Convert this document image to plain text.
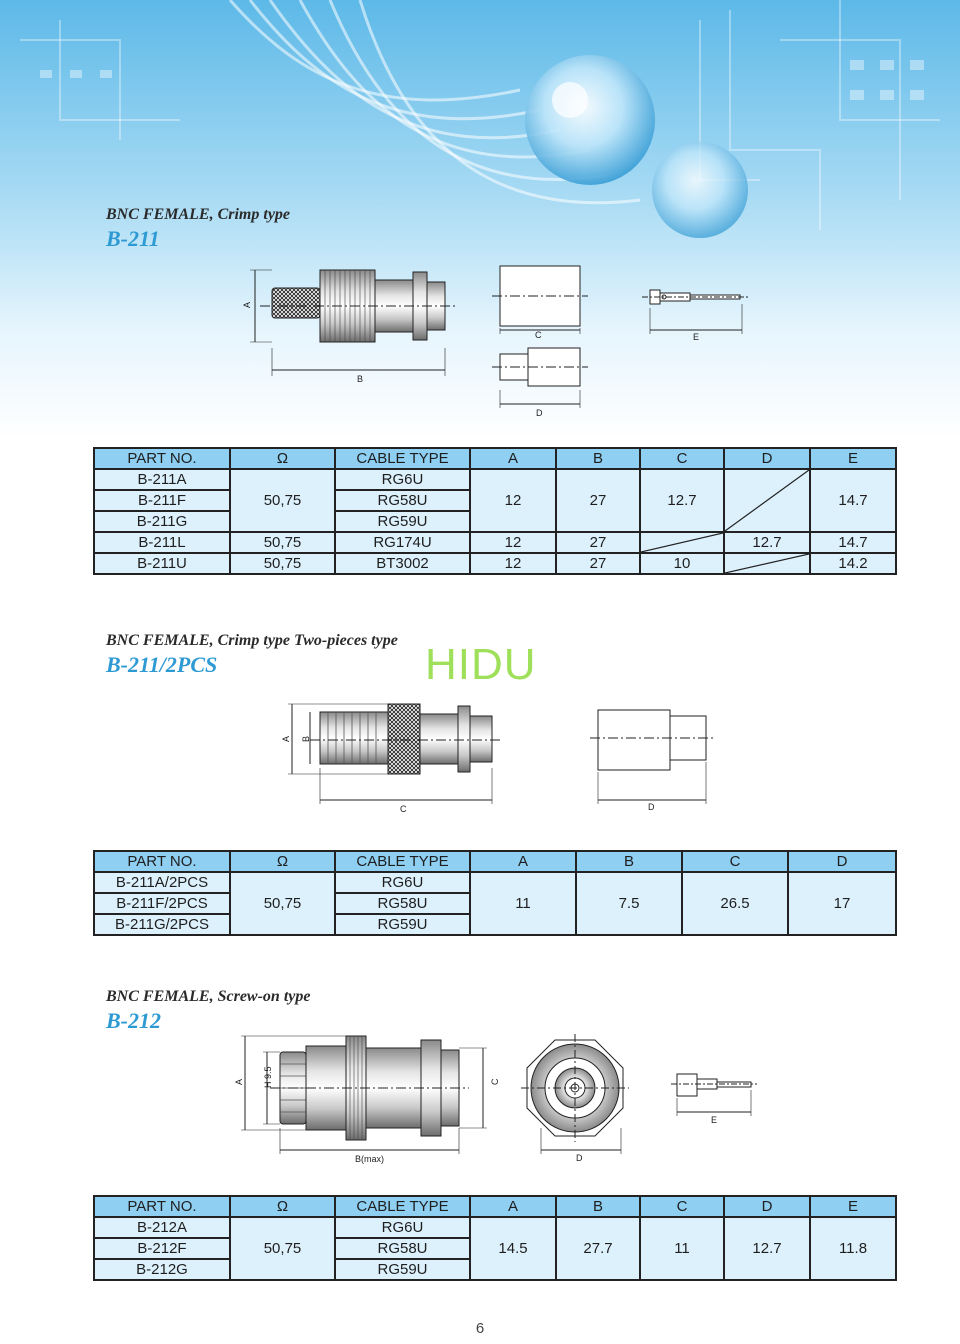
BNC FEMALE, Crimp type
B-211
A
B
C
D
E
PART NO.	Ω	CABLE TYPE	A	B	C	D	E
B-211A	50,75	RG6U	12	27	12.7		14.7
B-211F		RG58U					
B-211G		RG59U					
B-211L	50,75	RG174U	12	27		12.7	14.7
B-211U	50,75	BT3002	12	27	10		14.2
BNC FEMALE, Crimp type Two-pieces type
B-211/2PCS	HIDU
A B
C	D
PART NO.	Ω	CABLE TYPE	A	B	C	D
B-211A/2PCS	50,75	RG6U	11	7.5	26.5	17
B-211F/2PCS		RG58U				
B-211G/2PCS		RG59U				
BNC FEMALE, Screw-on type
B-212
A H 9.5	C
B(max)	D
E
PART NO.	Ω	CABLE TYPE	A	B	C	D	E
B-212A	50,75	RG6U	14.5	27.7	11	12.7	11.8
B-212F		RG58U					
B-212G		RG59U					
6
